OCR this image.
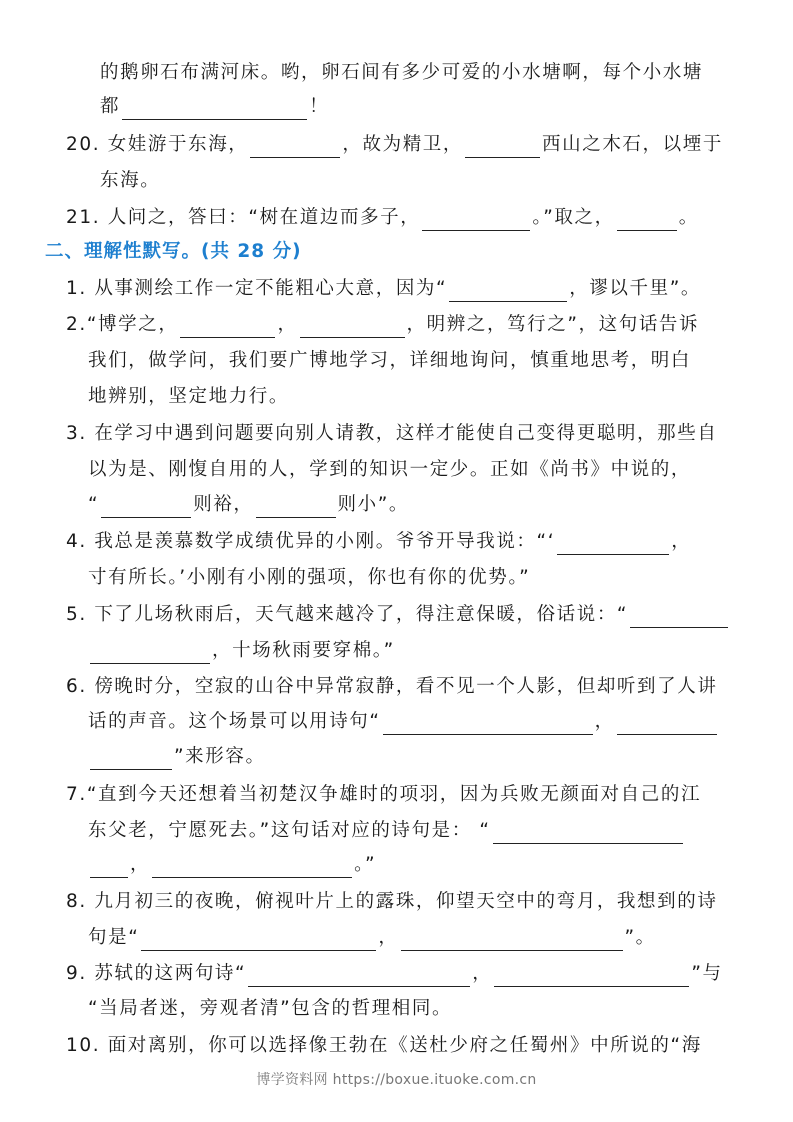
的鹅卵石布满河床。哟，卵石间有多少可爱的小水塘啊，每个小水塘
都	！
20. 女娃游于东海，	，故为精卫，	西山之木石，以堙于
东海。
21. 人问之，答曰：“树在道边而多子，	。”取之，	。
二、理解性默写。(共 28 分)
1. 从事测绘工作一定不能粗心大意，因为“	，谬以千里”。
2.“博学之，	，	，明辨之，笃行之”，这句话告诉
我们，做学问，我们要广博地学习，详细地询问，慎重地思考，明白
地辨别，坚定地力行。
3. 在学习中遇到问题要向别人请教，这样才能使自己变得更聪明，那些自
以为是、刚愎自用的人，学到的知识一定少。正如《尚书》中说的，
“	则裕，	则小”。
4. 我总是羡慕数学成绩优异的小刚。爷爷开导我说：“‘	，
寸有所长。’小刚有小刚的强项，你也有你的优势。”
5. 下了儿场秋雨后，天气越来越冷了，得注意保暖，俗话说：“
，十场秋雨要穿棉。”
6. 傍晚时分，空寂的山谷中异常寂静，看不见一个人影，但却听到了人讲
话的声音。这个场景可以用诗句“	，
”来形容。
7.“直到今天还想着当初楚汉争雄时的项羽，因为兵败无颜面对自己的江
东父老，宁愿死去。”这句话对应的诗句是： “
，	。”
8. 九月初三的夜晚，俯视叶片上的露珠，仰望天空中的弯月，我想到的诗
句是“	，	”。
9. 苏轼的这两句诗“	，	”与
“当局者迷，旁观者清”包含的哲理相同。
10. 面对离别，你可以选择像王勃在《送杜少府之任蜀州》中所说的“海
博学资料网 https://boxue.ituoke.com.cn
